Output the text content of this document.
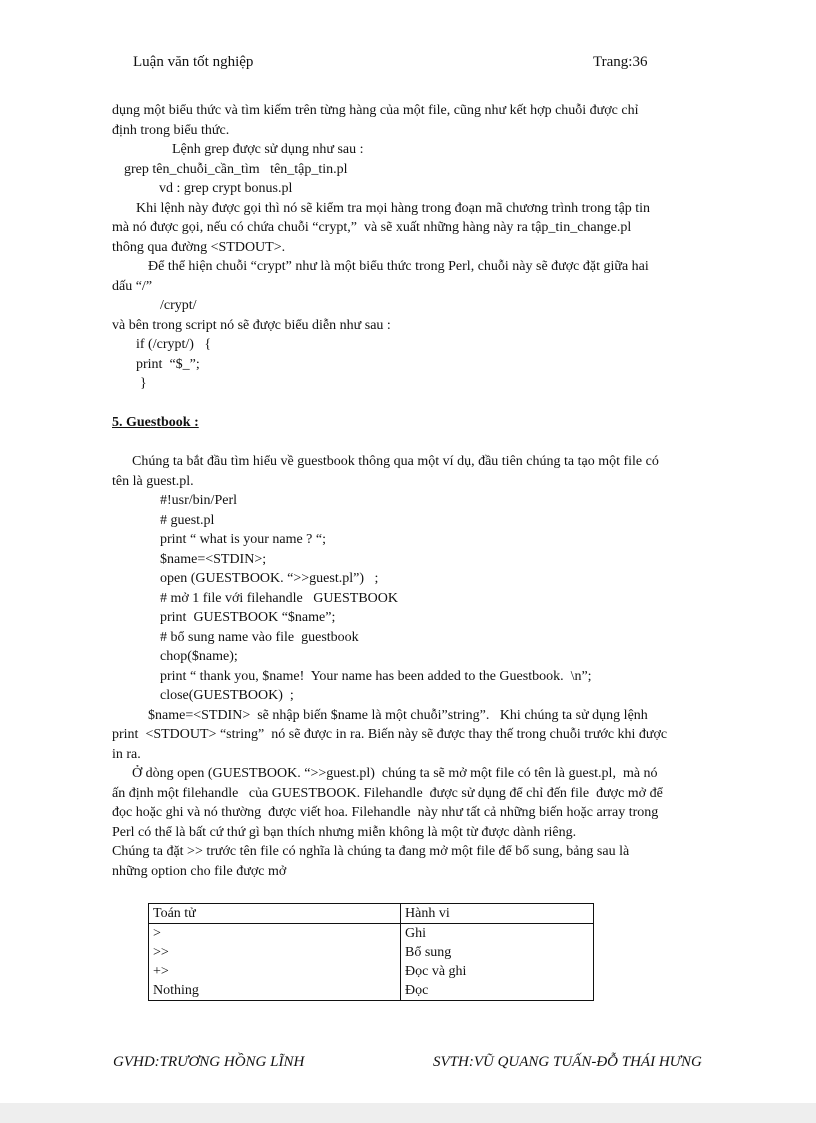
Luận văn tốt nghiệp	Trang:36
dụng một biểu thức và tìm kiếm trên từng hàng của một file, cũng như kết hợp chuỗi được chỉ
định trong biểu thức.
Lệnh grep được sử dụng như sau :
grep tên_chuỗi_cần_tìm   tên_tập_tin.pl
vd : grep crypt bonus.pl
Khi lệnh này được gọi thì nó sẽ kiểm tra mọi hàng trong đoạn mã chương trình trong tập tin
mà nó được gọi, nếu có chứa chuỗi “crypt,”  và sẽ xuất những hàng này ra tập_tin_change.pl
thông qua đường <STDOUT>.
Để thể hiện chuỗi “crypt” như là một biểu thức trong Perl, chuỗi này sẽ được đặt giữa hai
dấu “/”
/crypt/
và bên trong script nó sẽ được biểu diễn như sau :
if (/crypt/)   {
print  “$_”;
}
5. Guestbook :
Chúng ta bắt đầu tìm hiểu về guestbook thông qua một ví dụ, đầu tiên chúng ta tạo một file có
tên là guest.pl.
#!usr/bin/Perl
# guest.pl
print “ what is your name ? “;
$name=<STDIN>;
open (GUESTBOOK. “>>guest.pl”)   ;
# mở 1 file với filehandle   GUESTBOOK
print  GUESTBOOK “$name”;
# bổ sung name vào file  guestbook
chop($name);
print “ thank you, $name!  Your name has been added to the Guestbook.  \n”;
close(GUESTBOOK)  ;
$name=<STDIN>  sẽ nhập biến $name là một chuỗi”string”.   Khi chúng ta sử dụng lệnh
print  <STDOUT> “string”  nó sẽ được in ra. Biến này sẽ được thay thế trong chuỗi trước khi được
in ra.
Ở dòng open (GUESTBOOK. “>>guest.pl)  chúng ta sẽ mở một file có tên là guest.pl,  mà nó
ấn định một filehandle   của GUESTBOOK. Filehandle  được sử dụng để chỉ đến file  được mở để
đọc hoặc ghi và nó thường  được viết hoa. Filehandle  này như tất cả những biến hoặc array trong
Perl có thể là bất cứ thứ gì bạn thích nhưng miễn không là một từ được dành riêng.
Chúng ta đặt >> trước tên file có nghĩa là chúng ta đang mở một file để bổ sung, bảng sau là
những option cho file được mở
Toán tử	Hành vi
>	Ghi
>>	Bổ sung
+>	Đọc và ghi
Nothing	Đọc
GVHD:TRƯƠNG HỒNG LĨNH	SVTH:VŨ QUANG TUẤN-ĐỖ THÁI HƯNG
